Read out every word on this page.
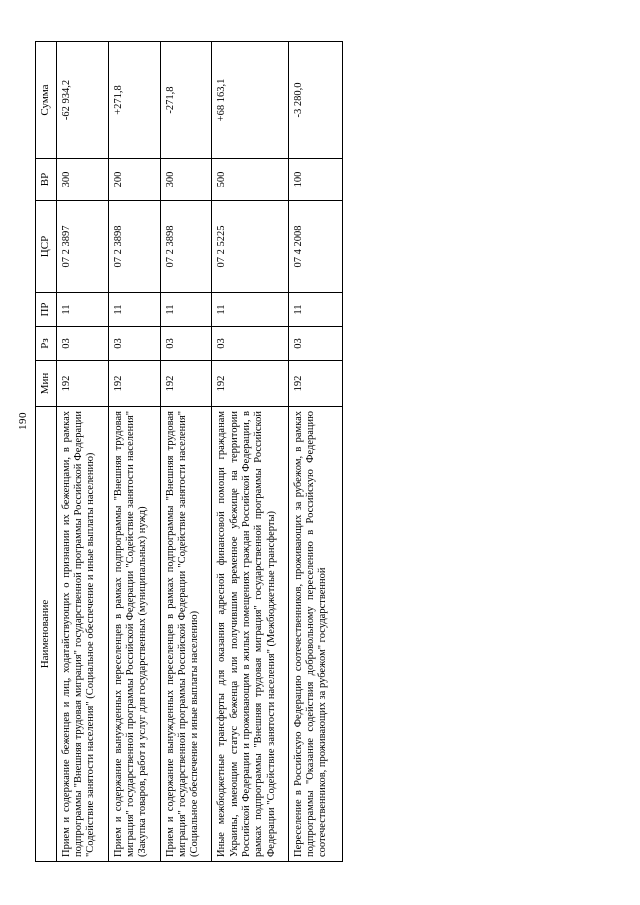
190
Наименование	Мин	Рз	ПР	ЦСР	ВР	Сумма
Прием и содержание беженцев и лиц, ходатайствующих о признании их беженцами, в рамках подпрограммы "Внешняя трудовая миграция" государственной программы Российской Федерации "Содействие занятости населения" (Социальное обеспечение и иные выплаты населению)	192	03	11	07 2 3897	300	-62 934,2
Прием и содержание вынужденных переселенцев в рамках подпрограммы "Внешняя трудовая миграция" государственной программы Российской Федерации "Содействие занятости населения" (Закупка товаров, работ и услуг для государственных (муниципальных) нужд)	192	03	11	07 2 3898	200	+271,8
Прием и содержание вынужденных переселенцев в рамках подпрограммы "Внешняя трудовая миграция" государственной программы Российской Федерации "Содействие занятости населения" (Социальное обеспечение и иные выплаты населению)	192	03	11	07 2 3898	300	-271,8
Иные межбюджетные трансферты для оказания адресной финансовой помощи гражданам Украины, имеющим статус беженца или получившим временное убежище на территории Российской Федерации и проживающим в жилых помещениях граждан Российской Федерации, в рамках подпрограммы "Внешняя трудовая миграция" государственной программы Российской Федерации "Содействие занятости населения" (Межбюджетные трансферты)	192	03	11	07 2 5225	500	+68 163,1
Переселение в Российскую Федерацию соотечественников, проживающих за рубежом, в рамках подпрограммы "Оказание содействия добровольному переселению в Российскую Федерацию соотечественников, проживающих за рубежом" государственной	192	03	11	07 4 2008	100	-3 280,0
